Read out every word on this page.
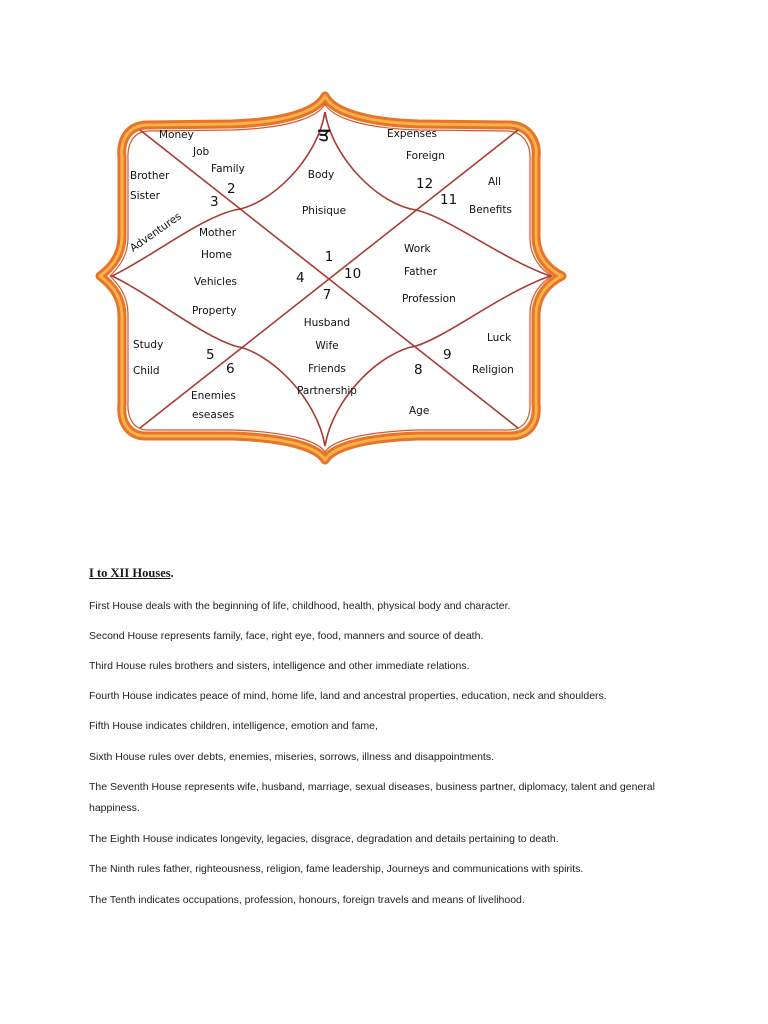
ਤ
Money
Job
Family
2
Brother
Sister	3
Adventures
Body
Phisique
1
Expenses
Foreign
12
11
All
Benefits
Mother
Home
Vehicles
Property
4	10
Work
Father
Profession
7
Husband
Wife
Friends
Partnership
Study
Child
5
6
Enemies
eseases
8
Age
9
Luck
Religion

I to XII Houses.

First House deals with the beginning of life, childhood, health, physical body and character.

Second House represents family, face, right eye, food, manners and source of death.

Third House rules brothers and sisters, intelligence and other immediate relations.

Fourth House indicates peace of mind, home life, land and ancestral properties, education, neck and shoulders.

Fifth House indicates children, intelligence, emotion and fame,

Sixth House rules over debts, enemies, miseries, sorrows, illness and disappointments.

The Seventh House represents wife, husband, marriage, sexual diseases, business partner, diplomacy, talent and general happiness.

The Eighth House indicates longevity, legacies, disgrace, degradation and details pertaining to death.

The Ninth rules father, righteousness, religion, fame leadership, Journeys and communications with spirits.

The Tenth indicates occupations, profession, honours, foreign travels and means of livelihood.
